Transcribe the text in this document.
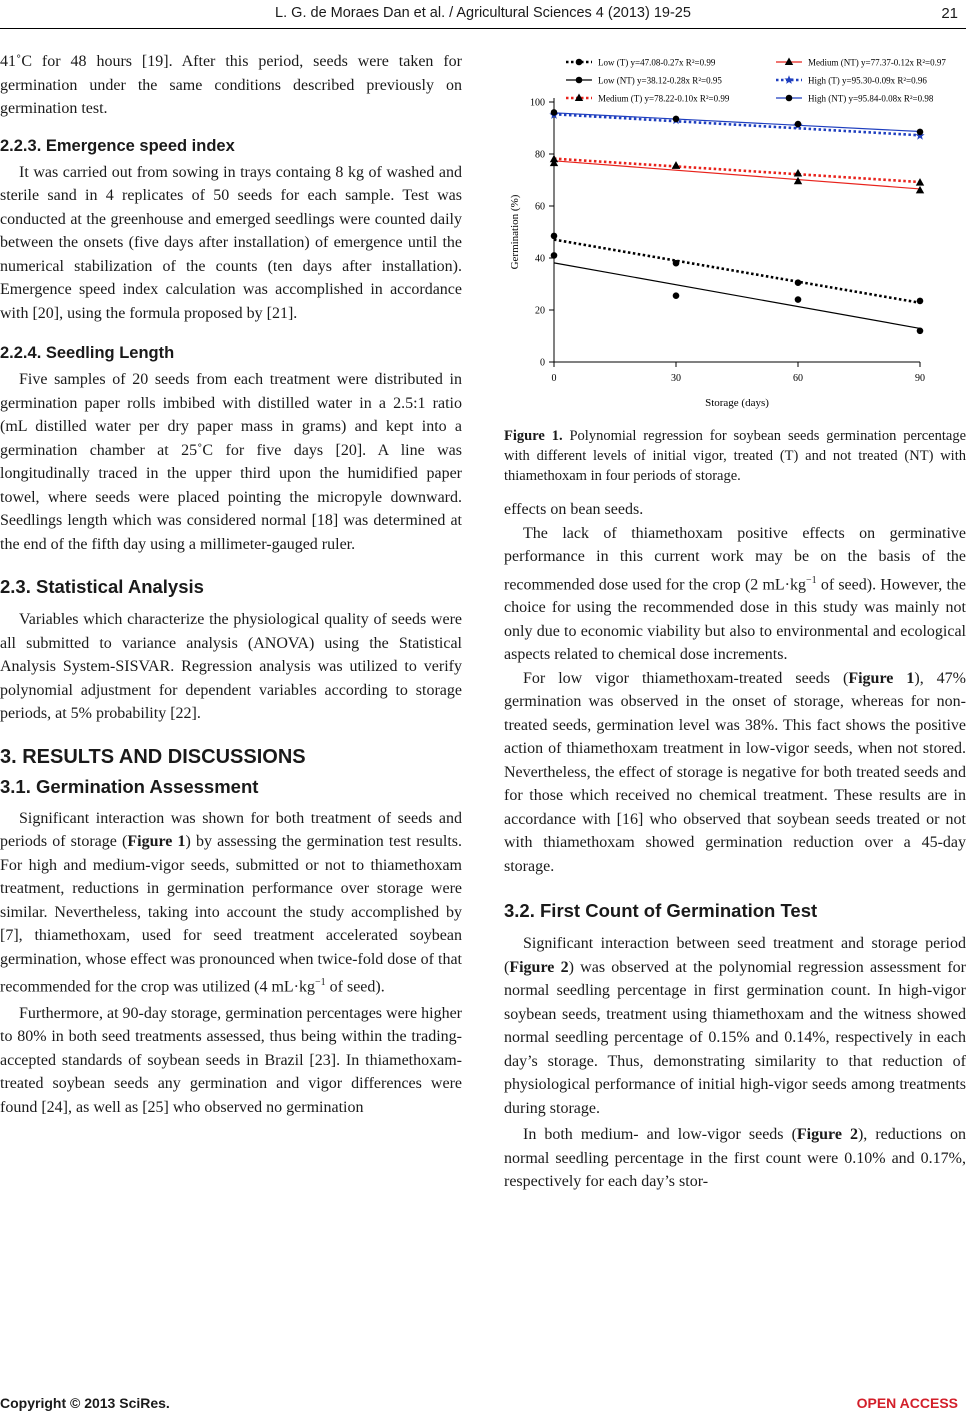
L. G. de Moraes Dan et al. / Agricultural Sciences 4 (2013) 19-25	21

41˚C for 48 hours [19]. After this period, seeds were taken for germination under the same conditions described previously on germination test.

2.2.3. Emergence speed index

It was carried out from sowing in trays containg 8 kg of washed and sterile sand in 4 replicates of 50 seeds for each sample. Test was conducted at the greenhouse and emerged seedlings were counted daily between the onsets (five days after installation) of emergence until the numerical stabilization of the counts (ten days after installation). Emergence speed index calculation was accomplished in accordance with [20], using the formula proposed by [21].

2.2.4. Seedling Length

Five samples of 20 seeds from each treatment were distributed in germination paper rolls imbibed with distilled water in a 2.5:1 ratio (mL distilled water per dry paper mass in grams) and kept into a germination chamber at 25˚C for five days [20]. A line was longitudinally traced in the upper third upon the humidified paper towel, where seeds were placed pointing the micropyle downward. Seedlings length which was considered normal [18] was determined at the end of the fifth day using a millimeter-gauged ruler.

2.3. Statistical Analysis

Variables which characterize the physiological quality of seeds were all submitted to variance analysis (ANOVA) using the Statistical Analysis System-SISVAR. Regression analysis was utilized to verify polynomial adjustment for dependent variables according to storage periods, at 5% probability [22].

3. RESULTS AND DISCUSSIONS
3.1. Germination Assessment

Significant interaction was shown for both treatment of seeds and periods of storage (Figure 1) by assessing the germination test results. For high and medium-vigor seeds, submitted or not to thiamethoxam treatment, reductions in germination performance over storage were similar. Nevertheless, taking into account the study accomplished by [7], thiamethoxam, used for seed treatment accelerated soybean germination, whose effect was pronounced when twice-fold dose of that recommended for the crop was utilized (4 $mL\cdot kg^{-1}$ of seed).

Furthermore, at 90-day storage, germination percentages were higher to 80% in both seed treatments assessed, thus being within the trading-accepted standards of soybean seeds in Brazil [23]. In thiamethoxam-treated soybean seeds any germination and vigor differences were found [24], as well as [25] who observed no germination

0
20
40
60
80
100
0	30	60	90
Storage (days)
Germination (%)
Low (T) y=47.08-0.27x R²=0.99	Medium (NT) y=77.37-0.12x R²=0.97
Low (NT) y=38.12-0.28x R²=0.95	High (T) y=95.30-0.09x R²=0.96
Medium (T) y=78.22-0.10x R²=0.99	High (NT) y=95.84-0.08x R²=0.98
Figure 1. Polynomial regression for soybean seeds germination percentage with different levels of initial vigor, treated (T) and not treated (NT) with thiamethoxam in four periods of storage.

effects on bean seeds.

The lack of thiamethoxam positive effects on germinative performance in this current work may be on the basis of the recommended dose used for the crop (2 $mL\cdot kg^{-1}$ of seed). However, the choice for using the recommended dose in this study was mainly not only due to economic viability but also to environmental and ecological aspects related to chemical dose increments.

For low vigor thiamethoxam-treated seeds (Figure 1), 47% germination was observed in the onset of storage, whereas for non-treated seeds, germination level was 38%. This fact shows the positive action of thiamethoxam treatment in low-vigor seeds, when not stored. Nevertheless, the effect of storage is negative for both treated seeds and for those which received no chemical treatment. These results are in accordance with [16] who observed that soybean seeds treated or not with thiamethoxam showed germination reduction over a 45-day storage.

3.2. First Count of Germination Test

Significant interaction between seed treatment and storage period (Figure 2) was observed at the polynomial regression assessment for normal seedling percentage in first germination count. In high-vigor soybean seeds, treatment using thiamethoxam and the witness showed normal seedling percentage of 0.15% and 0.14%, respectively in each day’s storage. Thus, demonstrating similarity to that reduction of physiological performance of initial high-vigor seeds among treatments during storage.

In both medium- and low-vigor seeds (Figure 2), reductions on normal seedling percentage in the first count were 0.10% and 0.17%, respectively for each day’s stor-

Copyright © 2013 SciRes.	OPEN ACCESS
